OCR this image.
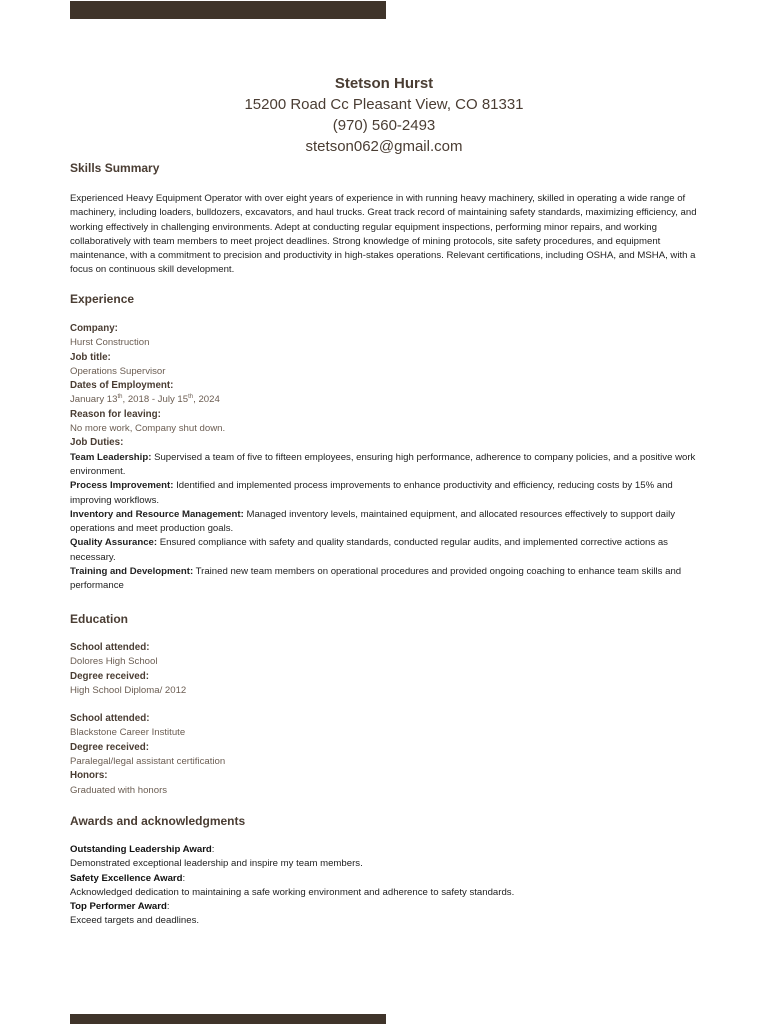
Stetson Hurst
15200 Road Cc Pleasant View, CO 81331
(970) 560-2493
stetson062@gmail.com
Skills Summary
Experienced Heavy Equipment Operator with over eight years of experience in with running heavy machinery, skilled in operating a wide range of machinery, including loaders, bulldozers, excavators, and haul trucks. Great track record of maintaining safety standards, maximizing efficiency, and working effectively in challenging environments. Adept at conducting regular equipment inspections, performing minor repairs, and working collaboratively with team members to meet project deadlines. Strong knowledge of mining protocols, site safety procedures, and equipment maintenance, with a commitment to precision and productivity in high-stakes operations. Relevant certifications, including OSHA, and MSHA, with a focus on continuous skill development.
Experience
Company:
Hurst Construction
Job title:
Operations Supervisor
Dates of Employment:
January 13th, 2018 - July 15th, 2024
Reason for leaving:
No more work, Company shut down.
Job Duties:
Team Leadership: Supervised a team of five to fifteen employees, ensuring high performance, adherence to company policies, and a positive work environment.
Process Improvement: Identified and implemented process improvements to enhance productivity and efficiency, reducing costs by 15% and improving workflows.
Inventory and Resource Management: Managed inventory levels, maintained equipment, and allocated resources effectively to support daily operations and meet production goals.
Quality Assurance: Ensured compliance with safety and quality standards, conducted regular audits, and implemented corrective actions as necessary.
Training and Development: Trained new team members on operational procedures and provided ongoing coaching to enhance team skills and performance
Education
School attended:
Dolores High School
Degree received:
High School Diploma/ 2012
School attended:
Blackstone Career Institute
Degree received:
Paralegal/legal assistant certification
Honors:
Graduated with honors
Awards and acknowledgments
Outstanding Leadership Award:
Demonstrated exceptional leadership and inspire my team members.
Safety Excellence Award:
Acknowledged dedication to maintaining a safe working environment and adherence to safety standards.
Top Performer Award:
Exceed targets and deadlines.
